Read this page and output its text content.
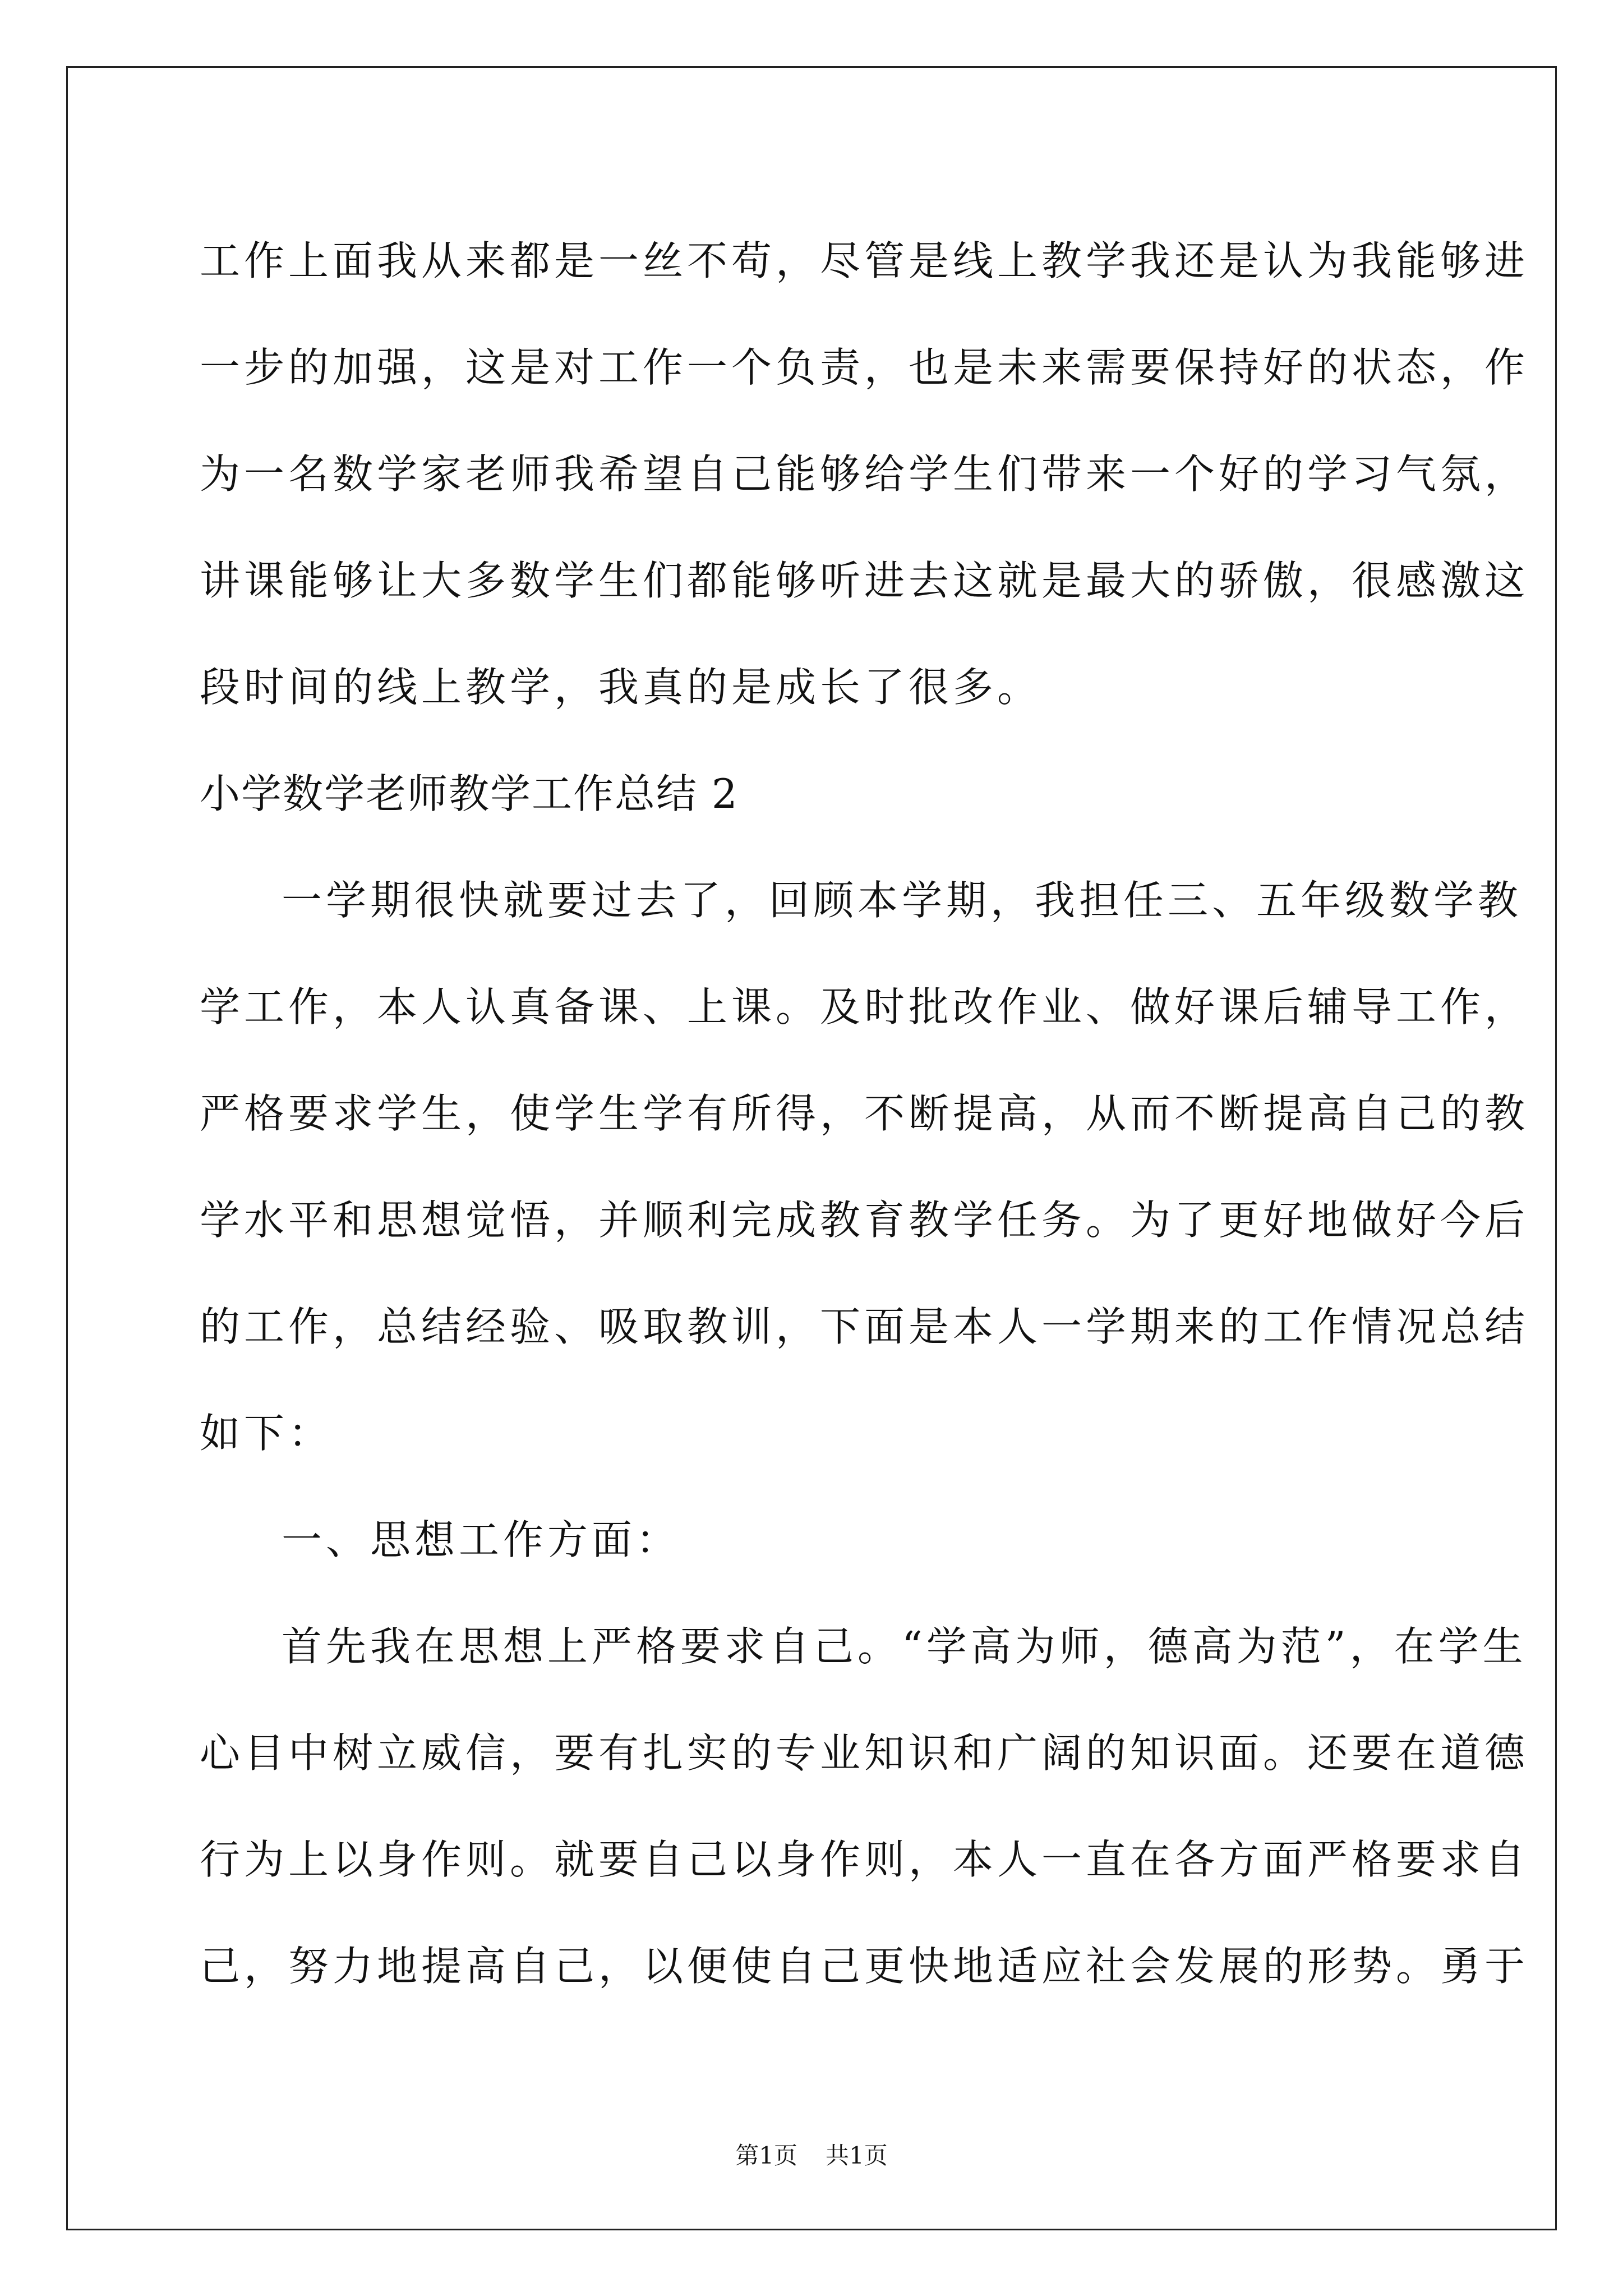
工作上面我从来都是一丝不苟，尽管是线上教学我还是认为我能够进
一步的加强，这是对工作一个负责，也是未来需要保持好的状态，作
为一名数学家老师我希望自己能够给学生们带来一个好的学习气氛，
讲课能够让大多数学生们都能够听进去这就是最大的骄傲，很感激这
段时间的线上教学，我真的是成长了很多。
小学数学老师教学工作总结 2
一学期很快就要过去了，回顾本学期，我担任三、五年级数学教
学工作，本人认真备课、上课。及时批改作业、做好课后辅导工作，
严格要求学生，使学生学有所得，不断提高，从而不断提高自己的教
学水平和思想觉悟，并顺利完成教育教学任务。为了更好地做好今后
的工作，总结经验、吸取教训，下面是本人一学期来的工作情况总结
如下：
一、思想工作方面：
首先我在思想上严格要求自己。“学高为师，德高为范”，在学生
心目中树立威信，要有扎实的专业知识和广阔的知识面。还要在道德
行为上以身作则。就要自己以身作则，本人一直在各方面严格要求自
己，努力地提高自己，以便使自己更快地适应社会发展的形势。勇于
第1页 共1页
